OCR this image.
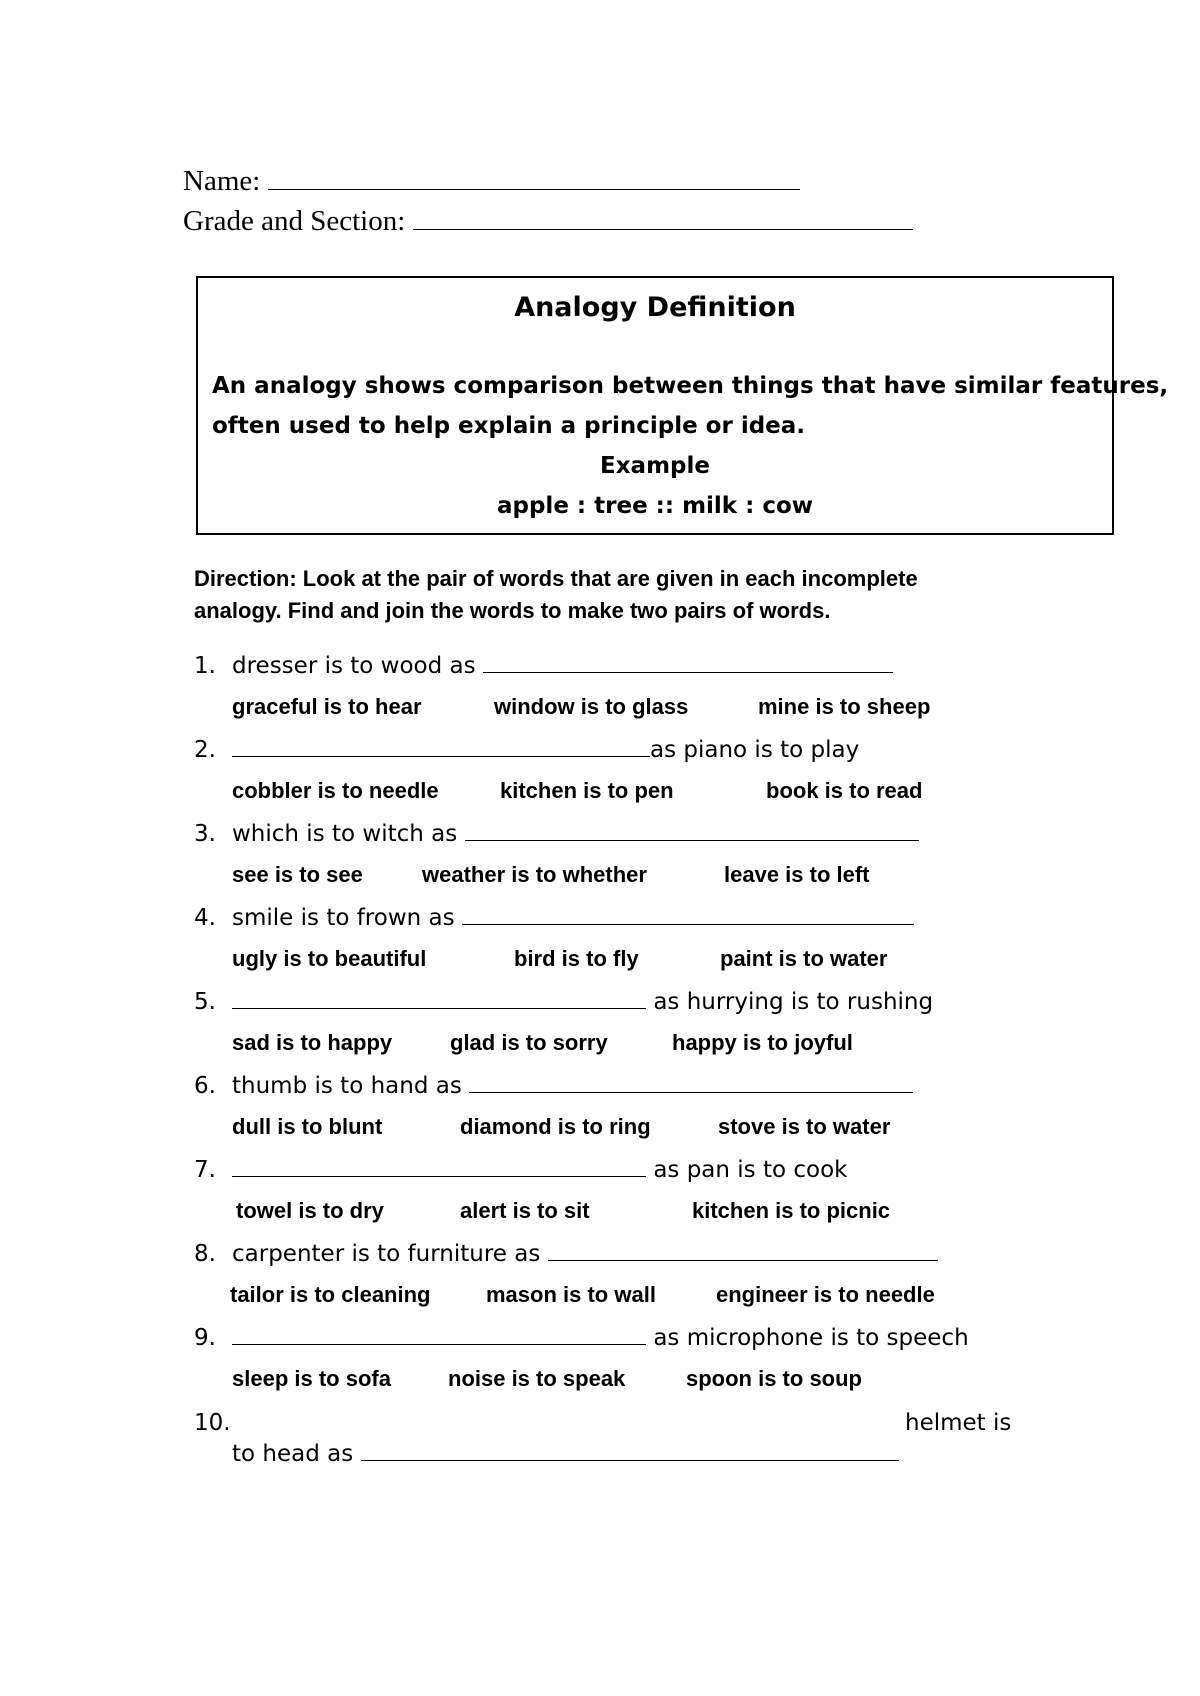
Name:
Grade and Section:
Analogy Definition
An analogy shows comparison between things that have similar features,
often used to help explain a principle or idea.
Example
apple : tree :: milk : cow
Direction: Look at the pair of words that are given in each incomplete
analogy. Find and join the words to make two pairs of words.
1. dresser is to wood as
graceful is to hear	window is to glass	mine is to sheep
2.	as piano is to play
cobbler is to needle	kitchen is to pen	book is to read
3. which is to witch as
see is to see	weather is to whether	leave is to left
4. smile is to frown as
ugly is to beautiful	bird is to fly	paint is to water
5.	as hurrying is to rushing
sad is to happy	glad is to sorry	happy is to joyful
6. thumb is to hand as
dull is to blunt	diamond is to ring	stove is to water
7.	as pan is to cook
towel is to dry	alert is to sit	kitchen is to picnic
8. carpenter is to furniture as
tailor is to cleaning	mason is to wall	engineer is to needle
9.	as microphone is to speech
sleep is to sofa	noise is to speak	spoon is to soup
10.	helmet is
to head as
